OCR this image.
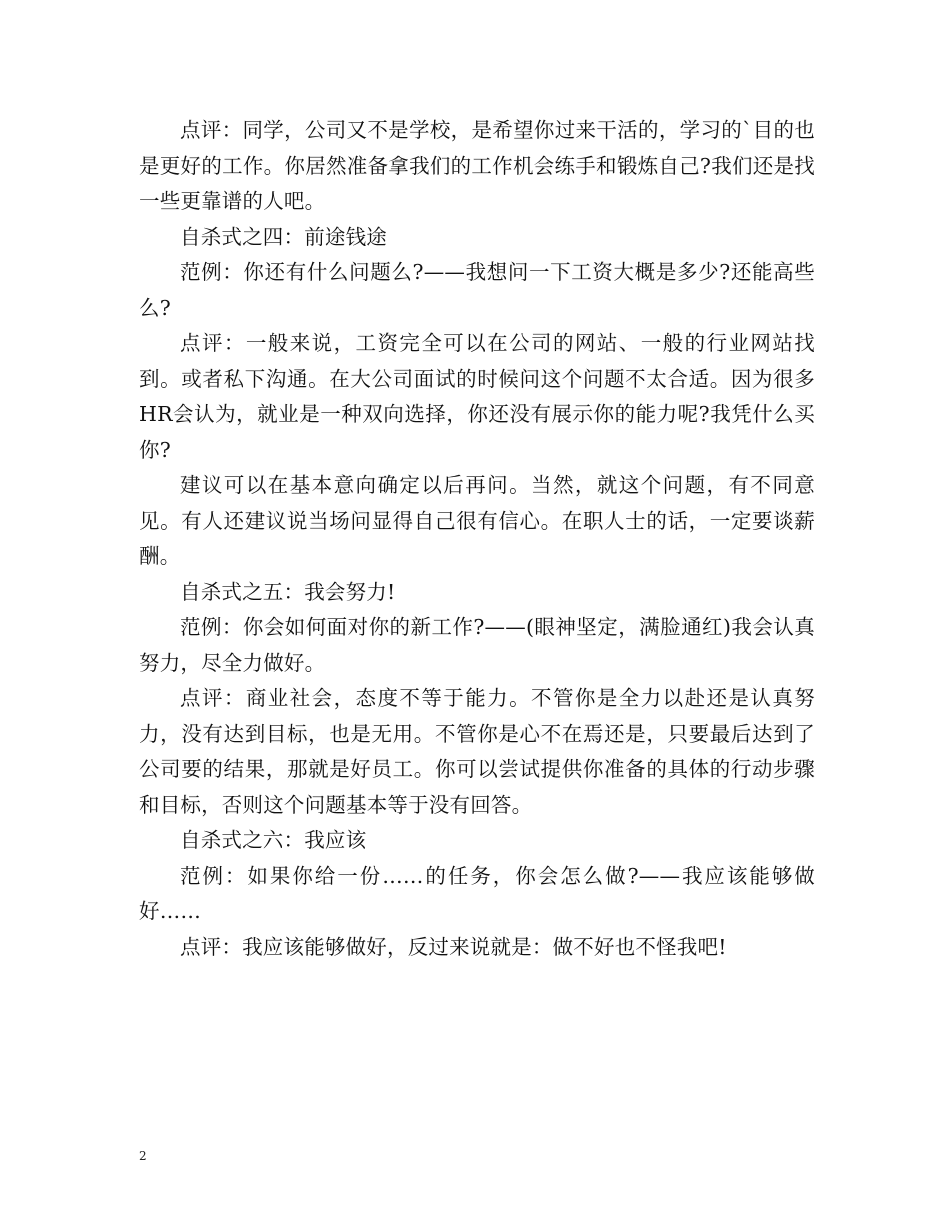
点评：同学，公司又不是学校，是希望你过来干活的，学习的`目的也是更好的工作。你居然准备拿我们的工作机会练手和锻炼自己?我们还是找一些更靠谱的人吧。

自杀式之四：前途钱途

范例：你还有什么问题么?——我想问一下工资大概是多少?还能高些么?

点评：一般来说，工资完全可以在公司的网站、一般的行业网站找到。或者私下沟通。在大公司面试的时候问这个问题不太合适。因为很多HR会认为，就业是一种双向选择，你还没有展示你的能力呢?我凭什么买你?

建议可以在基本意向确定以后再问。当然，就这个问题，有不同意见。有人还建议说当场问显得自己很有信心。在职人士的话，一定要谈薪酬。

自杀式之五：我会努力!

范例：你会如何面对你的新工作?——(眼神坚定，满脸通红)我会认真努力，尽全力做好。

点评：商业社会，态度不等于能力。不管你是全力以赴还是认真努力，没有达到目标，也是无用。不管你是心不在焉还是，只要最后达到了公司要的结果，那就是好员工。你可以尝试提供你准备的具体的行动步骤和目标，否则这个问题基本等于没有回答。

自杀式之六：我应该

范例：如果你给一份……的任务，你会怎么做?——我应该能够做好……

点评：我应该能够做好，反过来说就是：做不好也不怪我吧!

2
